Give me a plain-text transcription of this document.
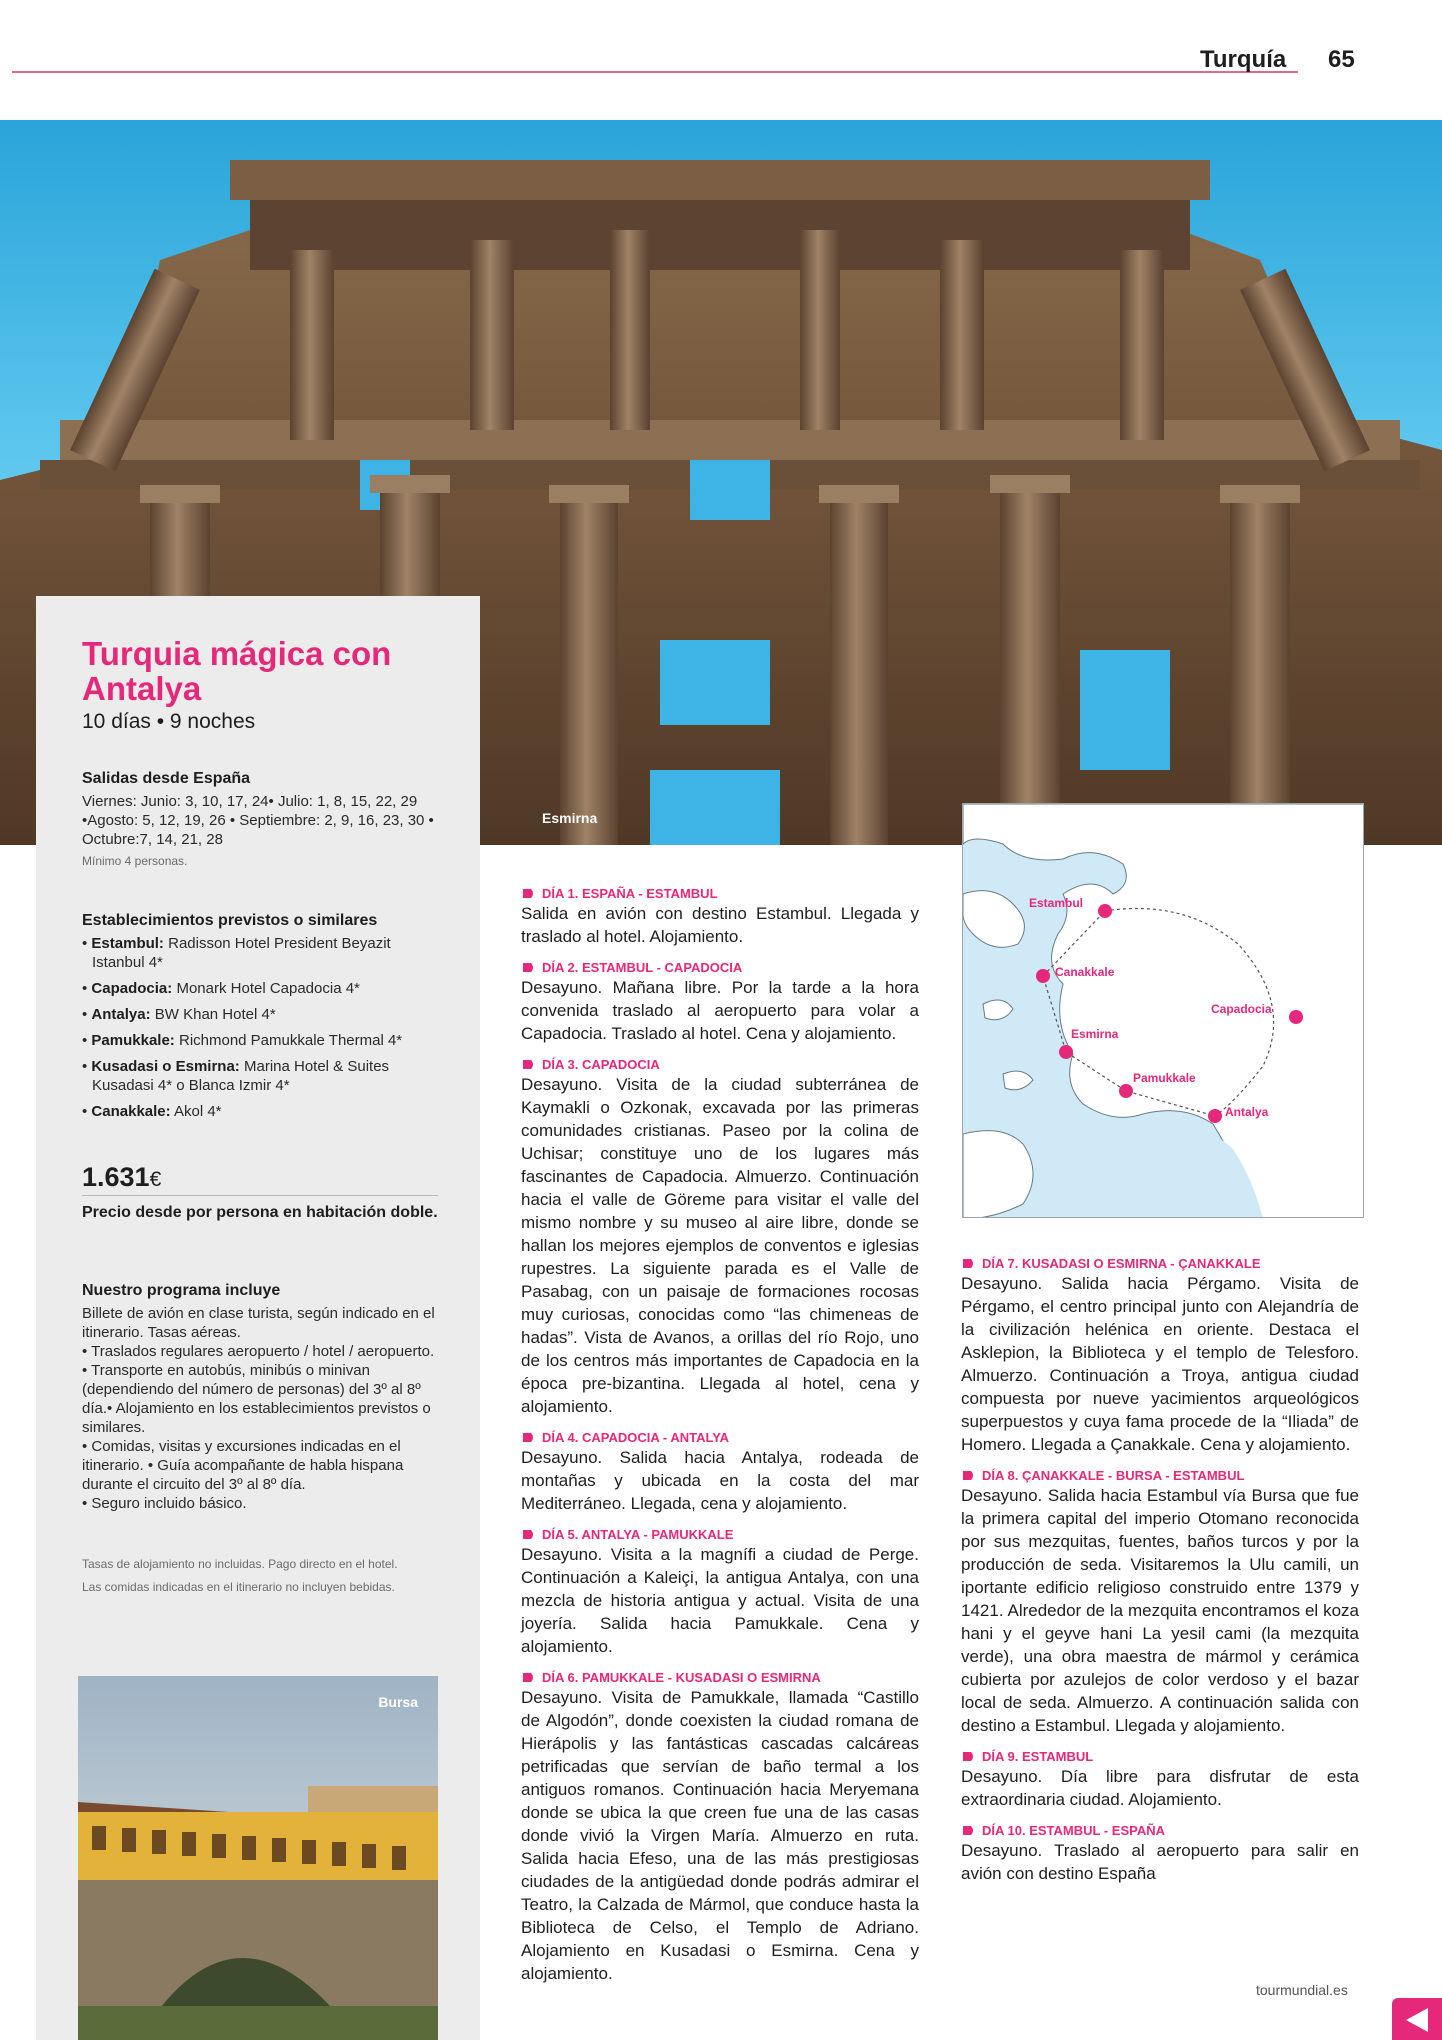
Turquía 65
Esmirna
Turquia mágica con Antalya
10 días • 9 noches
Salidas desde España
Viernes: Junio: 3, 10, 17, 24• Julio: 1, 8, 15, 22, 29 •Agosto: 5, 12, 19, 26 • Septiembre: 2, 9, 16, 23, 30 • Octubre:7, 14, 21, 28
Mínimo 4 personas.
Establecimientos previstos o similares
• Estambul: Radisson Hotel President Beyazit Istanbul 4*
• Capadocia: Monark Hotel Capadocia 4*
• Antalya: BW Khan Hotel 4*
• Pamukkale: Richmond Pamukkale Thermal 4*
• Kusadasi o Esmirna: Marina Hotel & Suites Kusadasi 4* o Blanca Izmir 4*
• Canakkale: Akol 4*
1.631€
Precio desde por persona en habitación doble.
Nuestro programa incluye
Billete de avión en clase turista, según indicado en el itinerario. Tasas aéreas.
• Traslados regulares aeropuerto / hotel / aeropuerto. • Transporte en autobús, minibús o minivan (dependiendo del número de personas) del 3º al 8º día.• Alojamiento en los establecimientos previstos o similares.
• Comidas, visitas y excursiones indicadas en el itinerario. • Guía acompañante de habla hispana durante el circuito del 3º al 8º día.
• Seguro incluido básico.
Tasas de alojamiento no incluidas. Pago directo en el hotel.
Las comidas indicadas en el itinerario no incluyen bebidas.
Bursa
DÍA 1. ESPAÑA - ESTAMBUL
Salida en avión con destino Estambul. Llegada y traslado al hotel. Alojamiento.
DÍA 2. ESTAMBUL - CAPADOCIA
Desayuno. Mañana libre. Por la tarde a la hora convenida traslado al aeropuerto para volar a Capadocia. Traslado al hotel. Cena y alojamiento.
DÍA 3. CAPADOCIA
Desayuno. Visita de la ciudad subterránea de Kaymakli o Ozkonak, excavada por las primeras comunidades cristianas. Paseo por la colina de Uchisar; constituye uno de los lugares más fascinantes de Capadocia. Almuerzo. Continuación hacia el valle de Göreme para visitar el valle del mismo nombre y su museo al aire libre, donde se hallan los mejores ejemplos de conventos e iglesias rupestres. La siguiente parada es el Valle de Pasabag, con un paisaje de formaciones rocosas muy curiosas, conocidas como “las chimeneas de hadas”. Vista de Avanos, a orillas del río Rojo, uno de los centros más importantes de Capadocia en la época pre-bizantina. Llegada al hotel, cena y alojamiento.
DÍA 4. CAPADOCIA - ANTALYA
Desayuno. Salida hacia Antalya, rodeada de montañas y ubicada en la costa del mar Mediterráneo. Llegada, cena y alojamiento.
DÍA 5. ANTALYA - PAMUKKALE
Desayuno. Visita a la magnífi a ciudad de Perge. Continuación a Kaleiçi, la antigua Antalya, con una mezcla de historia antigua y actual. Visita de una joyería. Salida hacia Pamukkale. Cena y alojamiento.
DÍA 6. PAMUKKALE - KUSADASI O ESMIRNA
Desayuno. Visita de Pamukkale, llamada “Castillo de Algodón”, donde coexisten la ciudad romana de Hierápolis y las fantásticas cascadas calcáreas petrificadas que servían de baño termal a los antiguos romanos. Continuación hacia Meryemana donde se ubica la que creen fue una de las casas donde vivió la Virgen María. Almuerzo en ruta. Salida hacia Efeso, una de las más prestigiosas ciudades de la antigüedad donde podrás admirar el Teatro, la Calzada de Mármol, que conduce hasta la Biblioteca de Celso, el Templo de Adriano. Alojamiento en Kusadasi o Esmirna. Cena y alojamiento.
Estambul
Canakkale
Capadocia
Esmirna
Pamukkale
Antalya
DÍA 7. KUSADASI O ESMIRNA - ÇANAKKALE
Desayuno. Salida hacia Pérgamo. Visita de Pérgamo, el centro principal junto con Alejandría de la civilización helénica en oriente. Destaca el Asklepion, la Biblioteca y el templo de Telesforo. Almuerzo. Continuación a Troya, antigua ciudad compuesta por nueve yacimientos arqueológicos superpuestos y cuya fama procede de la “Iliada” de Homero. Llegada a Çanakkale. Cena y alojamiento.
DÍA 8. ÇANAKKALE - BURSA - ESTAMBUL
Desayuno. Salida hacia Estambul vía Bursa que fue la primera capital del imperio Otomano reconocida por sus mezquitas, fuentes, baños turcos y por la producción de seda. Visitaremos la Ulu camili, un iportante edificio religioso construido entre 1379 y 1421. Alrededor de la mezquita encontramos el koza hani y el geyve hani La yesil cami (la mezquita verde), una obra maestra de mármol y cerámica cubierta por azulejos de color verdoso y el bazar local de seda. Almuerzo. A continuación salida con destino a Estambul. Llegada y alojamiento.
DÍA 9. ESTAMBUL
Desayuno. Día libre para disfrutar de esta extraordinaria ciudad. Alojamiento.
DÍA 10. ESTAMBUL - ESPAÑA
Desayuno. Traslado al aeropuerto para salir en avión con destino España
tourmundial.es
